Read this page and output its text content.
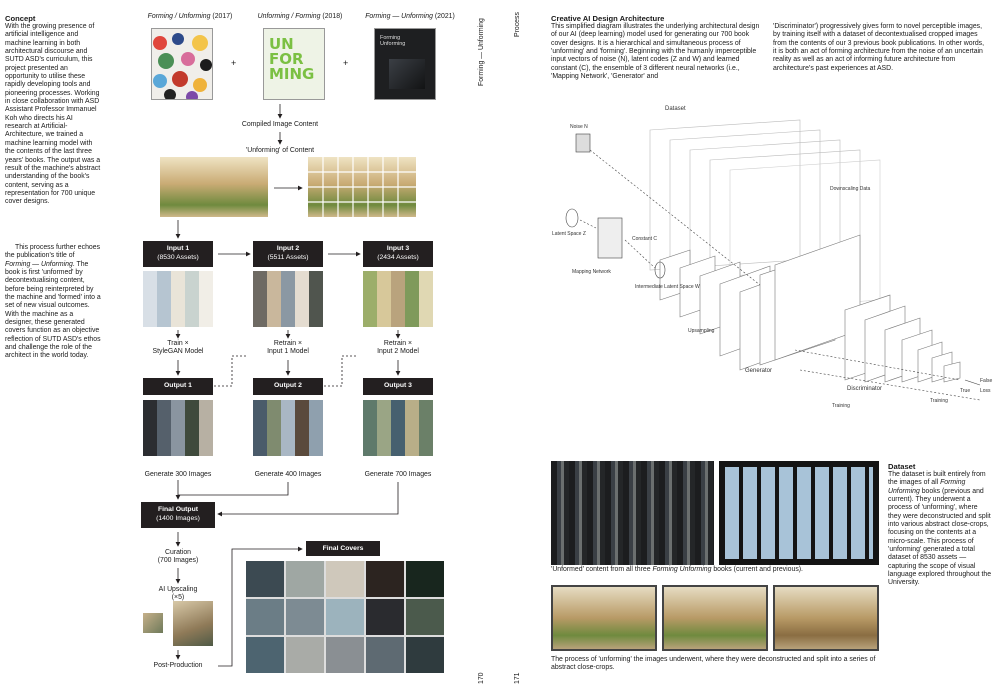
Concept
With the growing presence of artificial intelligence and machine learning in both architectural discourse and SUTD ASD's curriculum, this project presented an opportunity to utilise these rapidly developing tools and pioneering processes. Working in close collaboration with ASD Assistant Professor Immanuel Koh who directs his AI research at Artificial-Architecture, we trained a machine learning model with the contents of the last three years' books. The output was a result of the machine's abstract understanding of the book's content, serving as a representation for 700 unique cover designs.
This process further echoes the publication's title of Forming — Unforming. The book is first 'unformed' by decontextualising content, before being reinterpreted by the machine and 'formed' into a set of new visual outcomes. With the machine as a designer, these generated covers function as an objective reflection of SUTD ASD's ethos and challenge the role of the architect in the world today.
Forming / Unforming (2017)	Unforming / Forming (2018)	Forming — Unforming (2021)
UN
FOR
MING
Forming
Unforming
+	+
Compiled Image Content
'Unforming' of Content
Input 1
(8530 Assets)
Input 2
(5511 Assets)
Input 3
(2434 Assets)
Train ×
StyleGAN Model
Retrain ×
Input 1 Model
Retrain ×
Input 2 Model
Output 1	Output 2	Output 3
Generate 300 Images	Generate 400 Images	Generate 700 Images
Final Output
(1400 Images)
Curation
(700 Images)
AI Upscaling
(×5)
Post-Production
Final Covers
Forming — Unforming
170
Process
171
Creative AI Design Architecture
This simplified diagram illustrates the underlying architectural design of our AI (deep learning) model used for generating our 700 book cover designs. It is a hierarchical and simultaneous process of 'unforming' and 'forming'. Beginning with the humanly imperceptible input vectors of noise (N), latent codes (Z and W) and learned constant (C), the ensemble of 3 different neural networks (i.e., 'Mapping Network', 'Generator' and
'Discriminator') progressively gives form to novel perceptible images, by training itself with a dataset of decontextualised cropped images from the contents of our 3 previous book publications. In other words, it is both an act of forming architecture from the noise of an uncertain reality as well as an act of informing future architecture from architecture's past experiences at ASD.
Dataset
Noise N
Latent Space Z
Constant C
Mapping Network
Intermediate Latent Space W
Upsampling
Generator
Downscaling Data
Discriminator
Training
Training
True
False
Loss
'Unformed' content from all three Forming Unforming books (current and previous).
The process of 'unforming' the images underwent, where they were deconstructed and split into a series of abstract close-crops.
Dataset
The dataset is built entirely from the images of all Forming Unforming books (previous and current). They underwent a process of 'unforming', where they were deconstructed and split into various abstract close-crops, focusing on the contents at a micro-scale. This process of 'unforming' generated a total dataset of 8530 assets — capturing the scope of visual language explored throughout the University.
